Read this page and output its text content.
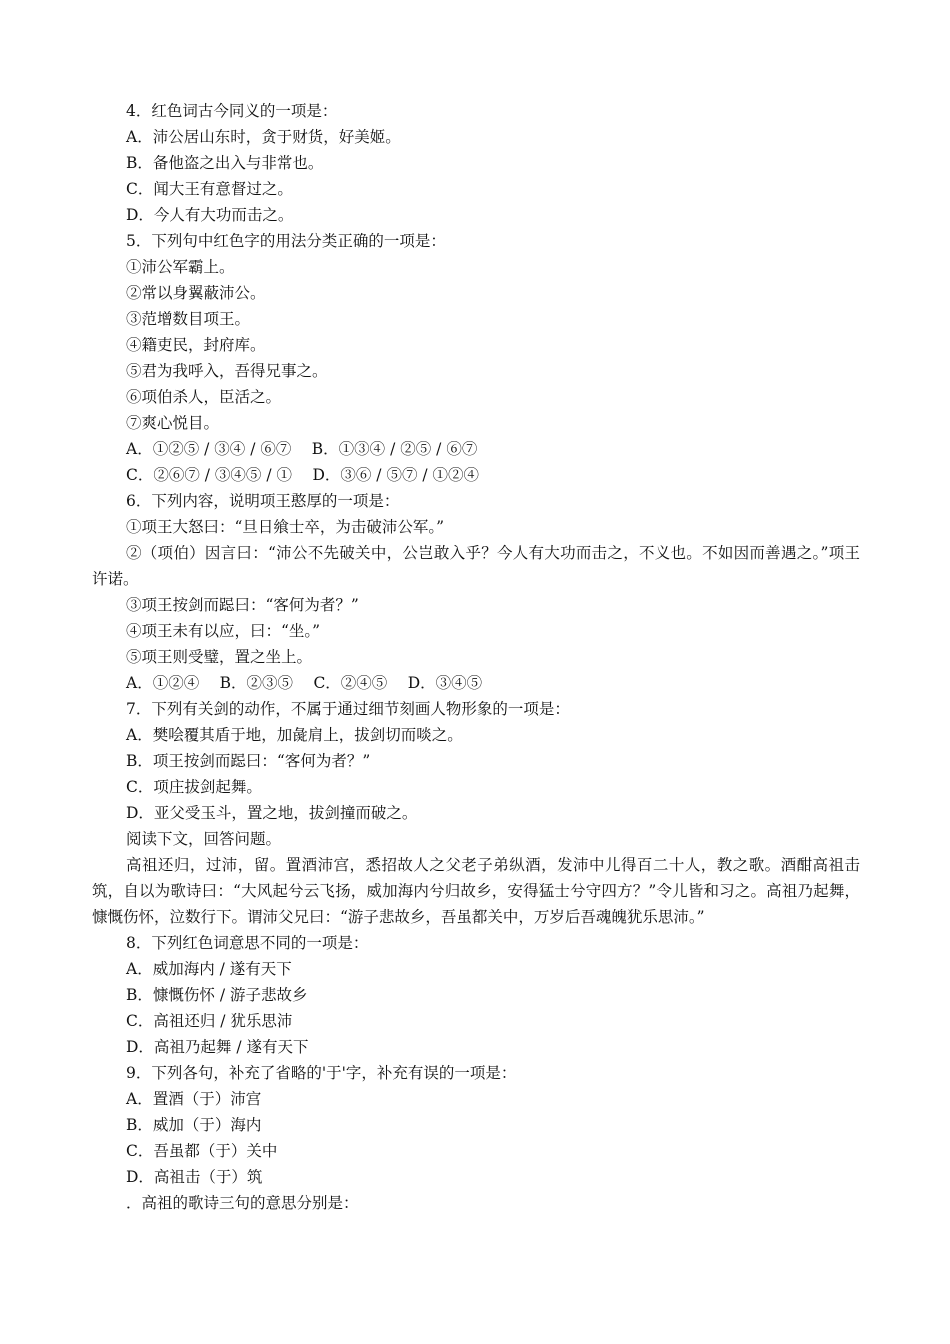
4．红色词古今同义的一项是：
A．沛公居山东时，贪于财货，好美姬。
B．备他盗之出入与非常也。
C．闻大王有意督过之。
D．今人有大功而击之。
5．下列句中红色字的用法分类正确的一项是：
①沛公军霸上。
②常以身翼蔽沛公。
③范增数目项王。
④籍吏民，封府库。
⑤君为我呼入，吾得兄事之。
⑥项伯杀人，臣活之。
⑦爽心悦目。
A．①②⑤ / ③④ / ⑥⑦　 B．①③④ / ②⑤ / ⑥⑦
C．②⑥⑦ / ③④⑤ / ①　 D．③⑥ / ⑤⑦ / ①②④
6．下列内容，说明项王憨厚的一项是：
①项王大怒曰：“旦日飨士卒，为击破沛公军。”
②（项伯）因言曰：“沛公不先破关中，公岂敢入乎？今人有大功而击之，不义也。不如因而善遇之。”项王许诺。
③项王按剑而跽曰：“客何为者？”
④项王未有以应，曰：“坐。”
⑤项王则受璧，置之坐上。
A．①②④　 B．②③⑤　 C．②④⑤　 D．③④⑤
7．下列有关剑的动作，不属于通过细节刻画人物形象的一项是：
A．樊哙覆其盾于地，加彘肩上，拔剑切而啖之。
B．项王按剑而跽曰：“客何为者？”
C．项庄拔剑起舞。
D．亚父受玉斗，置之地，拔剑撞而破之。
阅读下文，回答问题。
高祖还归，过沛，留。置酒沛宫，悉招故人之父老子弟纵酒，发沛中儿得百二十人，教之歌。酒酣高祖击筑，自以为歌诗曰：“大风起兮云飞扬，威加海内兮归故乡，安得猛士兮守四方？”令儿皆和习之。高祖乃起舞，慷慨伤怀，泣数行下。谓沛父兄曰：“游子悲故乡，吾虽都关中，万岁后吾魂魄犹乐思沛。”
8．下列红色词意思不同的一项是：
A．威加海内 / 遂有天下
B．慷慨伤怀 / 游子悲故乡
C．高祖还归 / 犹乐思沛
D．高祖乃起舞 / 遂有天下
9．下列各句，补充了省略的'于'字，补充有误的一项是：
A．置酒（于）沛宫
B．威加（于）海内
C．吾虽都（于）关中
D．高祖击（于）筑
．高祖的歌诗三句的意思分别是：
